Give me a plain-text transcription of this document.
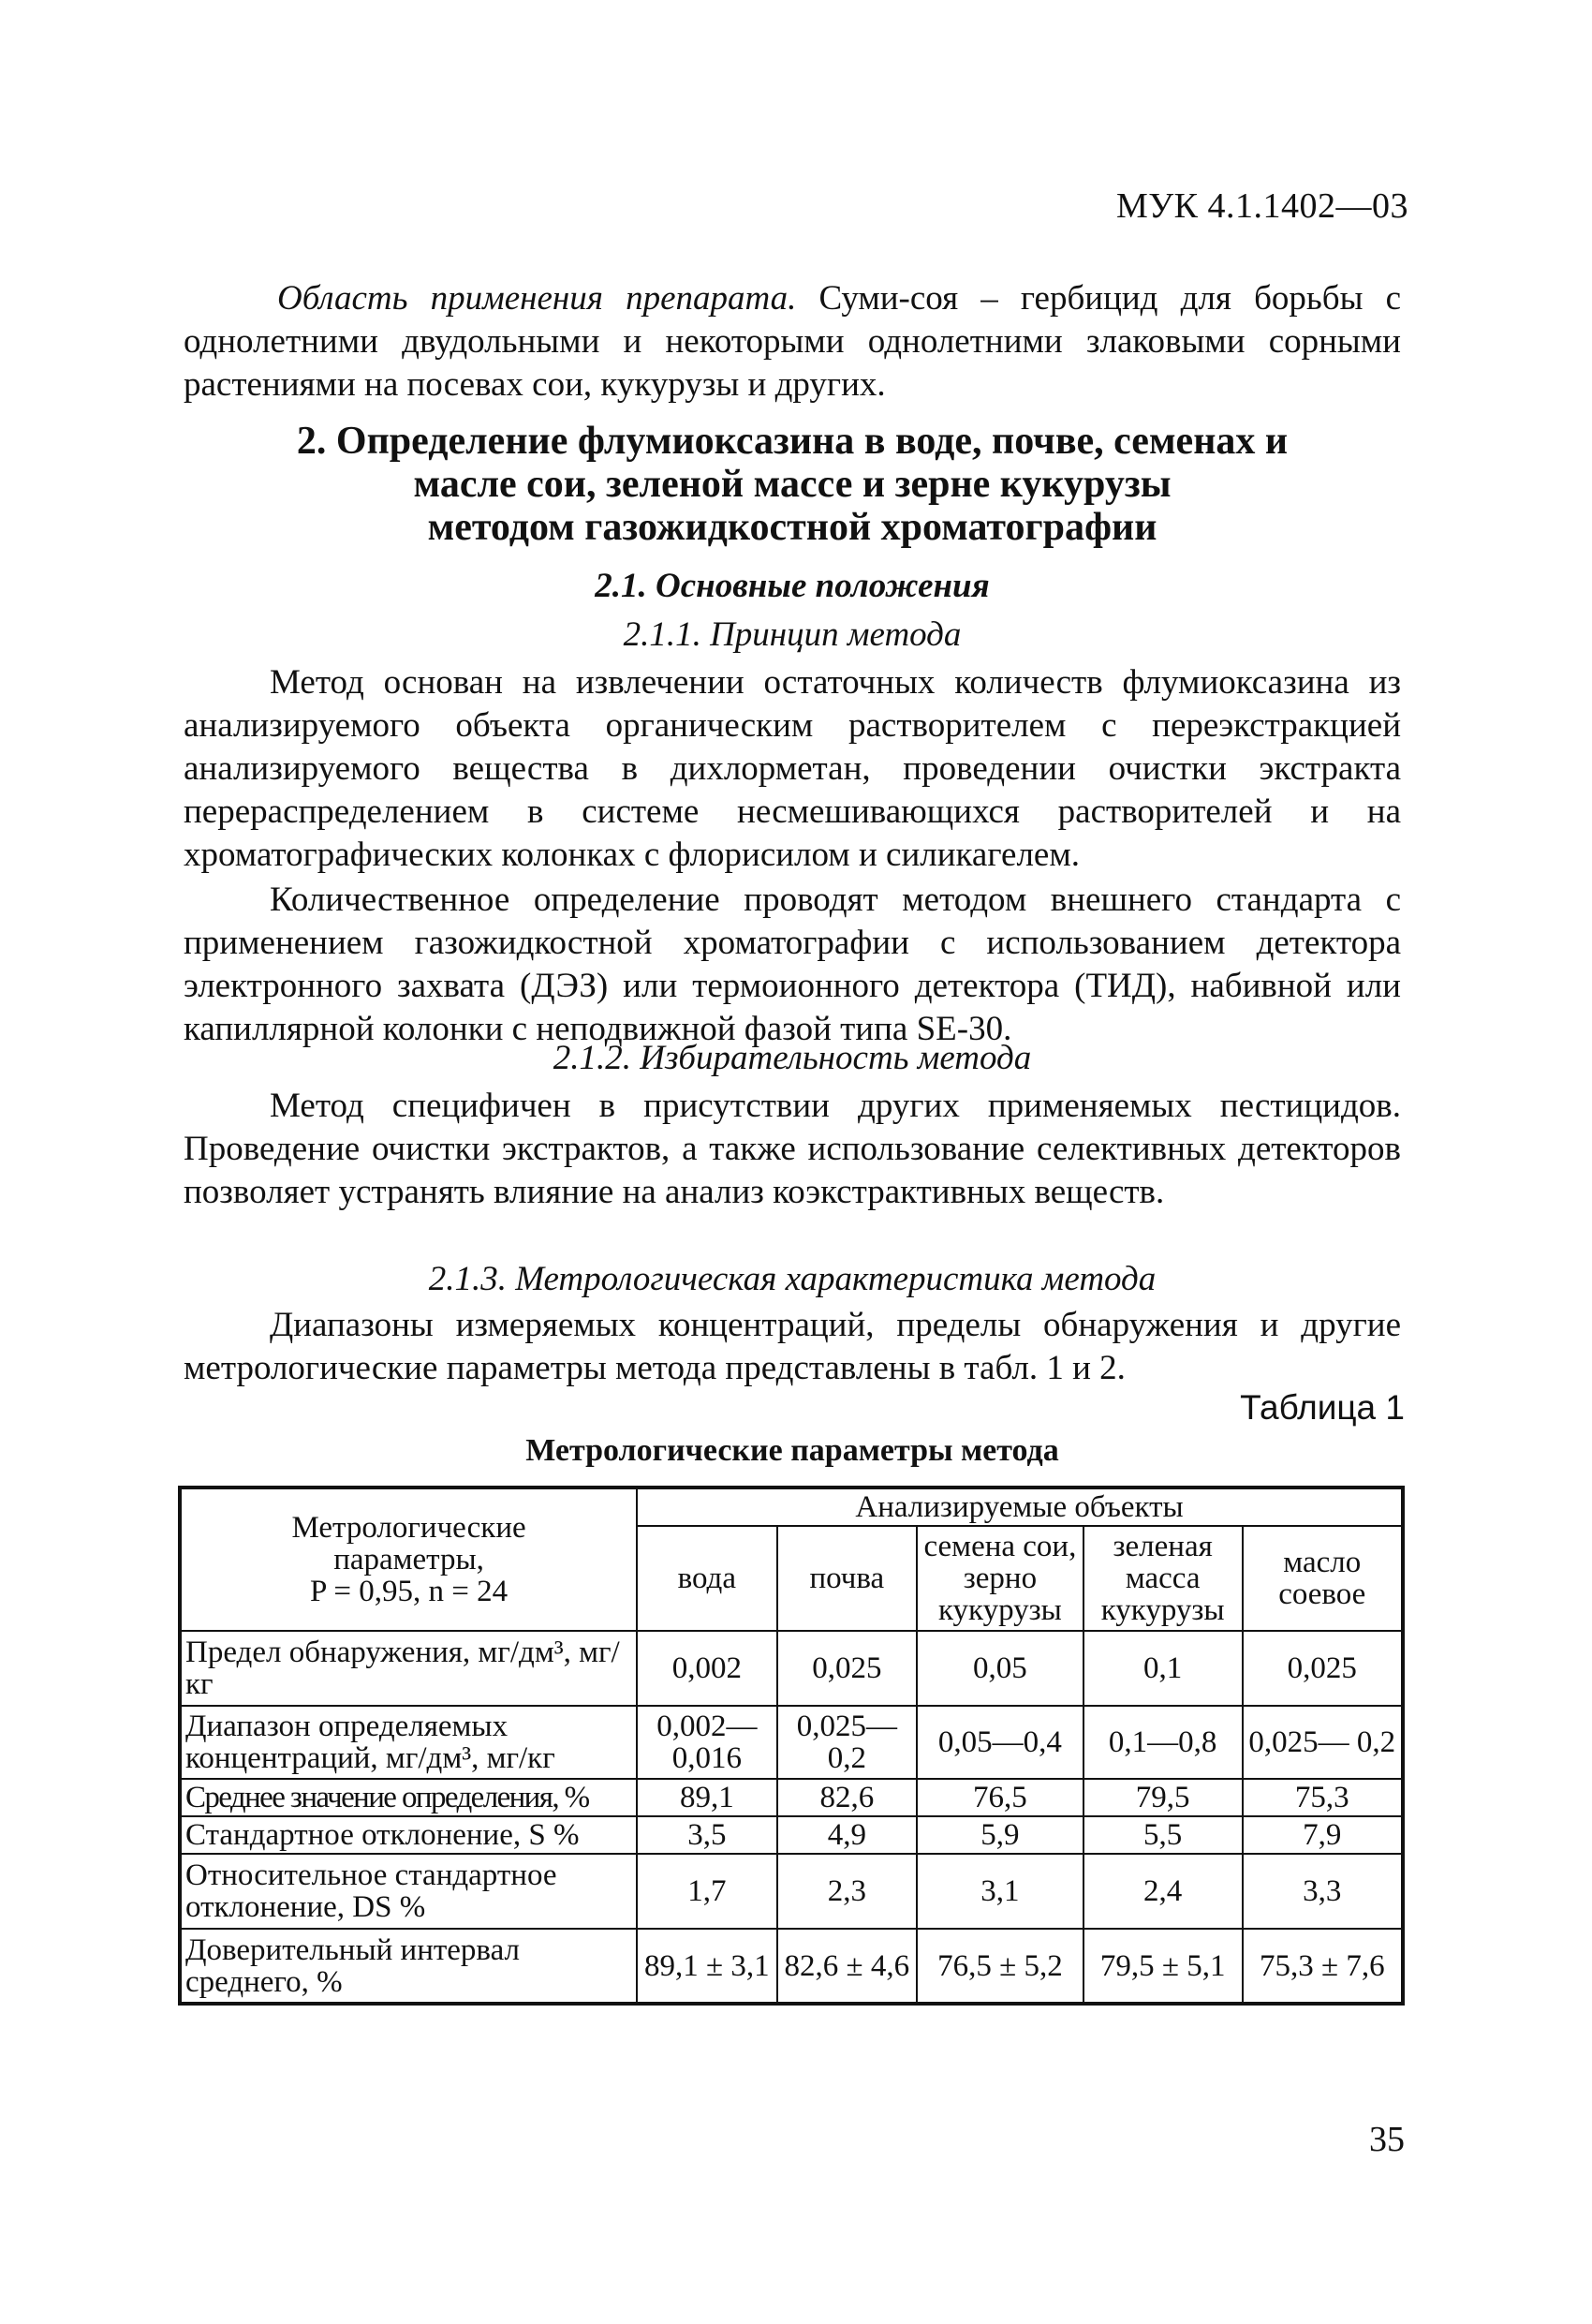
МУК 4.1.1402—03

Область применения препарата. Суми-соя – гербицид для борьбы с однолетними двудольными и некоторыми однолетними злаковыми сорными растениями на посевах сои, кукурузы и других.

2. Определение флумиоксазина в воде, почве, семенах и
масле сои, зеленой массе и зерне кукурузы
методом газожидкостной хроматографии
2.1. Основные положения
2.1.1. Принцип метода

Метод основан на извлечении остаточных количеств флумиоксазина из анализируемого объекта органическим растворителем с переэкстракцией анализируемого вещества в дихлорметан, проведении очистки экстракта перераспределением в системе несмешивающихся растворителей и на хроматографических колонках с флорисилом и силикагелем.

Количественное определение проводят методом внешнего стандарта с применением газожидкостной хроматографии с использованием детектора электронного захвата (ДЭЗ) или термоионного детектора (ТИД), набивной или капиллярной колонки с неподвижной фазой типа SE-30.

2.1.2. Избирательность метода

Метод специфичен в присутствии других применяемых пестицидов. Проведение очистки экстрактов, а также использование селективных детекторов позволяет устранять влияние на анализ коэкстрактивных веществ.

2.1.3. Метрологическая характеристика метода

Диапазоны измеряемых концентраций, пределы обнаружения и другие метрологические параметры метода представлены в табл. 1 и 2.

Таблица 1
Метрологические параметры метода
Метрологические
параметры,
P = 0,95, n = 24	Анализируемые объекты				
	вода	почва	семена сои, зерно кукурузы	зеленая масса кукурузы	масло соевое
Предел обнаружения, мг/дм³, мг/кг	0,002	0,025	0,05	0,1	0,025
Диапазон определяемых концентраций, мг/дм³, мг/кг	0,002— 0,016	0,025— 0,2	0,05—0,4	0,1—0,8	0,025— 0,2
Среднее значение определения, %	89,1	82,6	76,5	79,5	75,3
Стандартное отклонение, S %	3,5	4,9	5,9	5,5	7,9
Относительное стандартное отклонение, DS %	1,7	2,3	3,1	2,4	3,3
Доверительный интервал среднего, %	89,1 ± 3,1	82,6 ± 4,6	76,5 ± 5,2	79,5 ± 5,1	75,3 ± 7,6
35
